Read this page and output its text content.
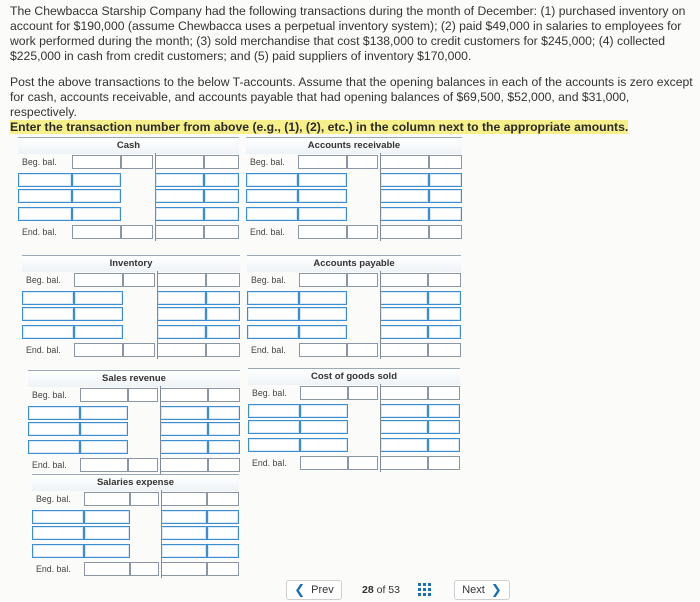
The Chewbacca Starship Company had the following transactions during the month of December: (1) purchased inventory on account for $190,000 (assume Chewbacca uses a perpetual inventory system); (2) paid $49,000 in salaries to employees for work performed during the month; (3) sold merchandise that cost $138,000 to credit customers for $245,000; (4) collected $225,000 in cash from credit customers; and (5) paid suppliers of inventory $170,000.

Post the above transactions to the below T-accounts. Assume that the opening balances in each of the accounts is zero except for cash, accounts receivable, and accounts payable that had opening balances of $69,500, $52,000, and $31,000, respectively.
Enter the transaction number from above (e.g., (1), (2), etc.) in the column next to the appropriate amounts.

Cash
Beg. bal.
End. bal.
Accounts receivable
Beg. bal.
End. bal.
Inventory
Beg. bal.
End. bal.
Accounts payable
Beg. bal.
End. bal.
Sales revenue
Beg. bal.
End. bal.
Cost of goods sold
Beg. bal.
End. bal.
Salaries expense
Beg. bal.
End. bal.
❮ Prev	28 of 53	Next ❯
